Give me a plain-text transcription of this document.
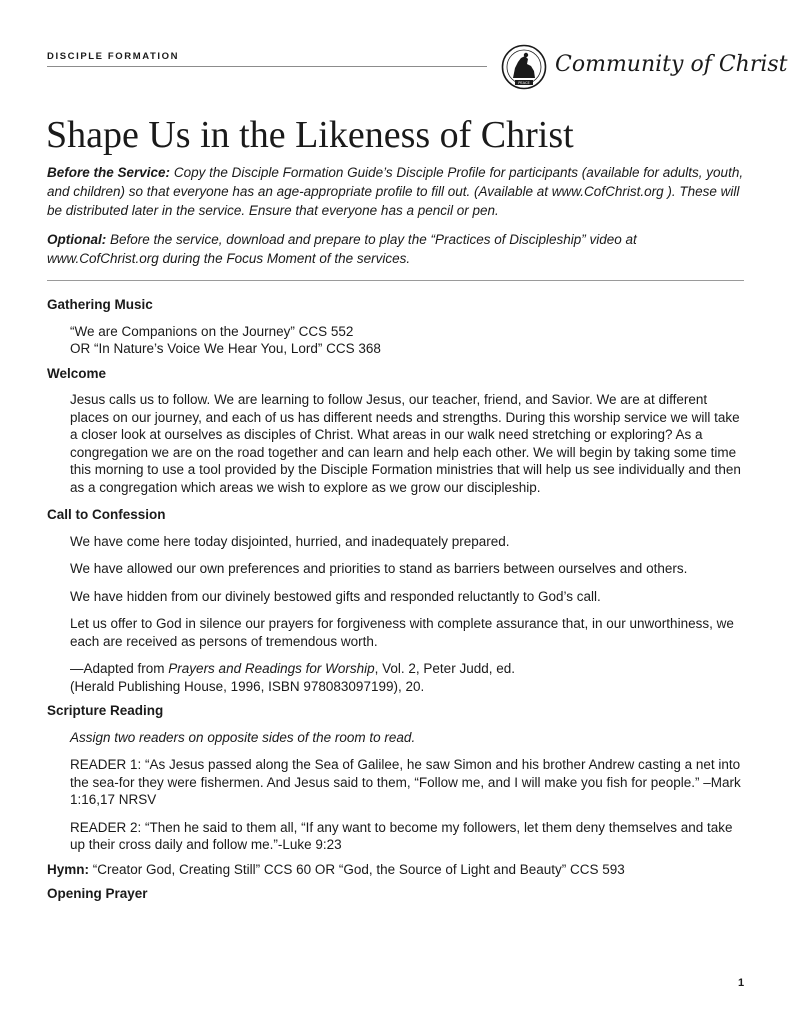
DISCIPLE FORMATION
PEACE
Community of Christ
Shape Us in the Likeness of Christ
Before the Service: Copy the Disciple Formation Guide’s Disciple Profile for participants (available for adults, youth, and children) so that everyone has an age-appropriate profile to fill out. (Available at www.CofChrist.org ). These will be distributed later in the service. Ensure that everyone has a pencil or pen.
Optional: Before the service, download and prepare to play the “Practices of Discipleship” video at www.CofChrist.org during the Focus Moment of the services.

Gathering Music

“We are Companions on the Journey” CCS 552

OR “In Nature’s Voice We Hear You, Lord” CCS 368

Welcome

Jesus calls us to follow. We are learning to follow Jesus, our teacher, friend, and Savior. We are at different places on our journey, and each of us has different needs and strengths. During this worship service we will take a closer look at ourselves as disciples of Christ. What areas in our walk need stretching or exploring? As a congregation we are on the road together and can learn and help each other. We will begin by taking some time this morning to use a tool provided by the Disciple Formation ministries that will help us see individually and then as a congregation which areas we wish to explore as we grow our discipleship.

Call to Confession

We have come here today disjointed, hurried, and inadequately prepared.

We have allowed our own preferences and priorities to stand as barriers between ourselves and others.

We have hidden from our divinely bestowed gifts and responded reluctantly to God’s call.

Let us offer to God in silence our prayers for forgiveness with complete assurance that, in our unworthiness, we each are received as persons of tremendous worth.

—Adapted from Prayers and Readings for Worship, Vol. 2, Peter Judd, ed.

(Herald Publishing House, 1996, ISBN 978083097199), 20.

Scripture Reading

Assign two readers on opposite sides of the room to read.

READER 1: “As Jesus passed along the Sea of Galilee, he saw Simon and his brother Andrew casting a net into the sea-for they were fishermen. And Jesus said to them, “Follow me, and I will make you fish for people.” –Mark 1:16,17 NRSV

READER 2: “Then he said to them all, “If any want to become my followers, let them deny themselves and take up their cross daily and follow me.”-Luke 9:23

Hymn: “Creator God, Creating Still” CCS 60 OR “God, the Source of Light and Beauty” CCS 593

Opening Prayer

1
